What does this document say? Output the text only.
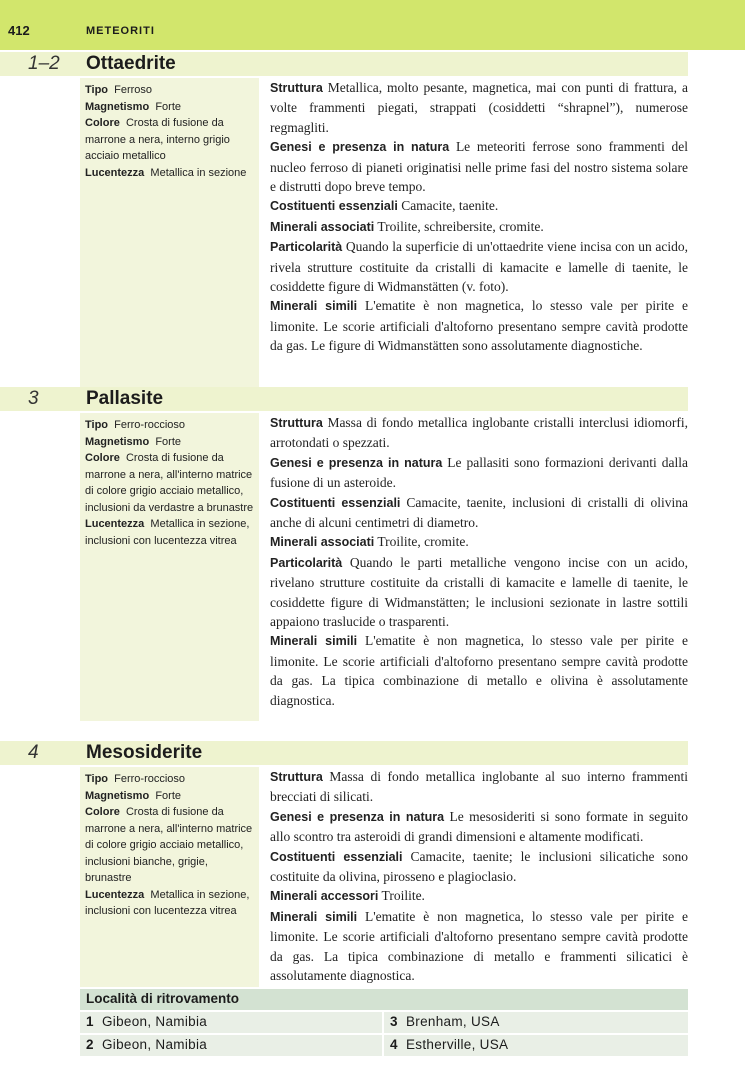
412	METEORITI
1–2 Ottaedrite
Tipo Ferroso
Magnetismo Forte
Colore Crosta di fusione da marrone a nera, interno grigio acciaio metallico
Lucentezza Metallica in sezione

Struttura Metallica, molto pesante, magnetica, mai con punti di frattura, a volte frammenti piegati, strappati (cosiddetti “shrapnel”), numerose regmagliti.

Genesi e presenza in natura Le meteoriti ferrose sono frammenti del nucleo ferroso di pianeti originatisi nelle prime fasi del nostro sistema solare e distrutti dopo breve tempo.

Costituenti essenziali Camacite, taenite.

Minerali associati Troilite, schreibersite, cromite.

Particolarità Quando la superficie di un'ottaedrite viene incisa con un acido, rivela strutture costituite da cristalli di kamacite e lamelle di taenite, le cosiddette figure di Widmanstätten (v. foto).

Minerali simili L'ematite è non magnetica, lo stesso vale per pirite e limonite. Le scorie artificiali d'altoforno presentano sempre cavità prodotte da gas. Le figure di Widmanstätten sono assolutamente diagnostiche.

3 Pallasite
Tipo Ferro-roccioso
Magnetismo Forte
Colore Crosta di fusione da marrone a nera, all'interno matrice di colore grigio acciaio metallico, inclusioni da verdastre a brunastre
Lucentezza Metallica in sezione, inclusioni con lucentezza vitrea

Struttura Massa di fondo metallica inglobante cristalli interclusi idiomorfi, arrotondati o spezzati.

Genesi e presenza in natura Le pallasiti sono formazioni derivanti dalla fusione di un asteroide.

Costituenti essenziali Camacite, taenite, inclusioni di cristalli di olivina anche di alcuni centimetri di diametro.

Minerali associati Troilite, cromite.

Particolarità Quando le parti metalliche vengono incise con un acido, rivelano strutture costituite da cristalli di kamacite e lamelle di taenite, le cosiddette figure di Widmanstätten; le inclusioni sezionate in lastre sottili appaiono traslucide o trasparenti.

Minerali simili L'ematite è non magnetica, lo stesso vale per pirite e limonite. Le scorie artificiali d'altoforno presentano sempre cavità prodotte da gas. La tipica combinazione di metallo e olivina è assolutamente diagnostica.

4 Mesosiderite
Tipo Ferro-roccioso
Magnetismo Forte
Colore Crosta di fusione da marrone a nera, all'interno matrice di colore grigio acciaio metallico, inclusioni bianche, grigie, brunastre
Lucentezza Metallica in sezione, inclusioni con lucentezza vitrea

Struttura Massa di fondo metallica inglobante al suo interno frammenti brecciati di silicati.

Genesi e presenza in natura Le mesosideriti si sono formate in seguito allo scontro tra asteroidi di grandi dimensioni e altamente modificati.

Costituenti essenziali Camacite, taenite; le inclusioni silicatiche sono costituite da olivina, pirosseno e plagioclasio.

Minerali accessori Troilite.

Minerali simili L'ematite è non magnetica, lo stesso vale per pirite e limonite. Le scorie artificiali d'altoforno presentano sempre cavità prodotte da gas. La tipica combinazione di metallo e frammenti silicatici è assolutamente diagnostica.

Località di ritrovamento
1 Gibeon, Namibia	3 Brenham, USA
2 Gibeon, Namibia	4 Estherville, USA
